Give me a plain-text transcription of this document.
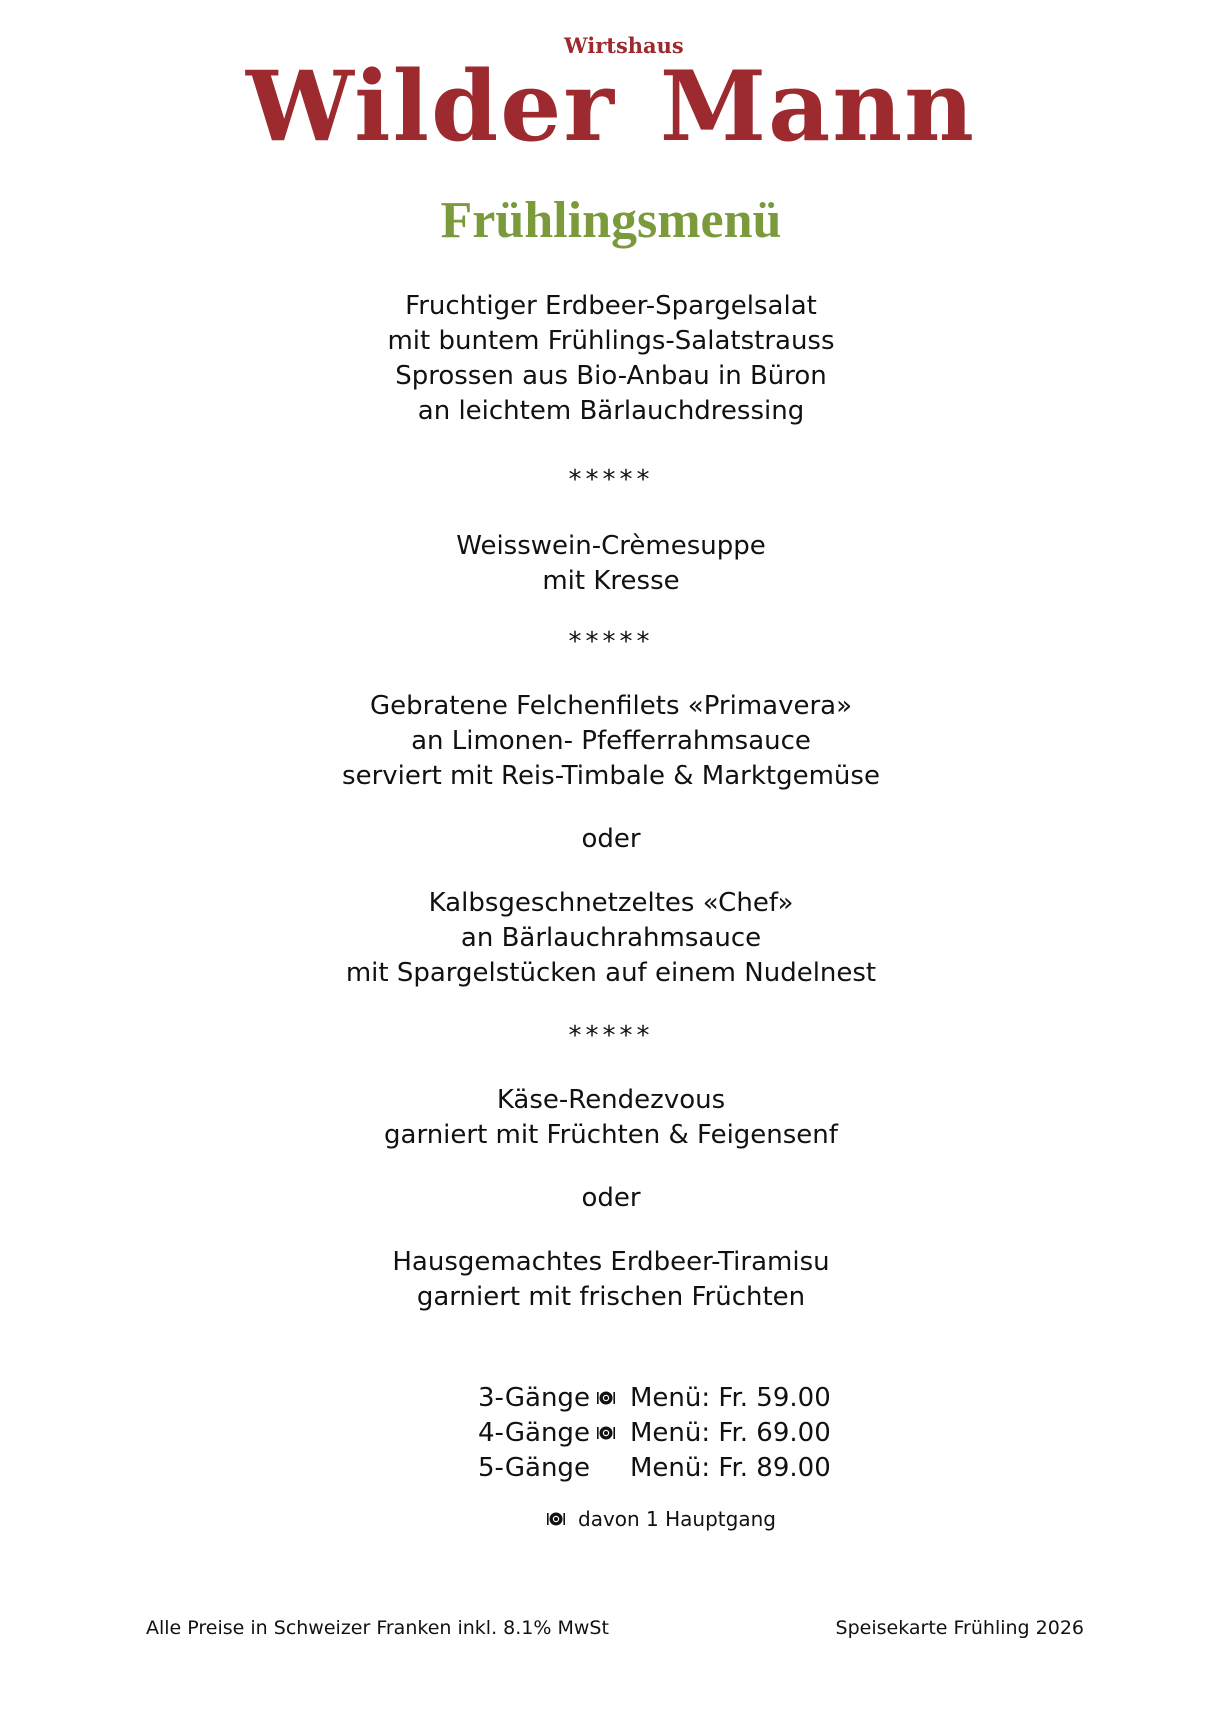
Wirtshaus
Wilder Mann
Frühlingsmenü
Fruchtiger Erdbeer-Spargelsalat
mit buntem Frühlings-Salatstrauss
Sprossen aus Bio-Anbau in Büron
an leichtem Bärlauchdressing
*****
Weisswein-Crèmesuppe
mit Kresse
*****
Gebratene Felchenfilets «Primavera»
an Limonen- Pfefferrahmsauce
serviert mit Reis-Timbale & Marktgemüse
oder
Kalbsgeschnetzeltes «Chef»
an Bärlauchrahmsauce
mit Spargelstücken auf einem Nudelnest
*****
Käse-Rendezvous
garniert mit Früchten & Feigensenf
oder
Hausgemachtes Erdbeer-Tiramisu
garniert mit frischen Früchten
3-Gänge Menü: Fr. 59.00
4-Gänge Menü: Fr. 69.00
5-Gänge Menü: Fr. 89.00
davon 1 Hauptgang
Alle Preise in Schweizer Franken inkl. 8.1% MwSt	Speisekarte Frühling 2026
